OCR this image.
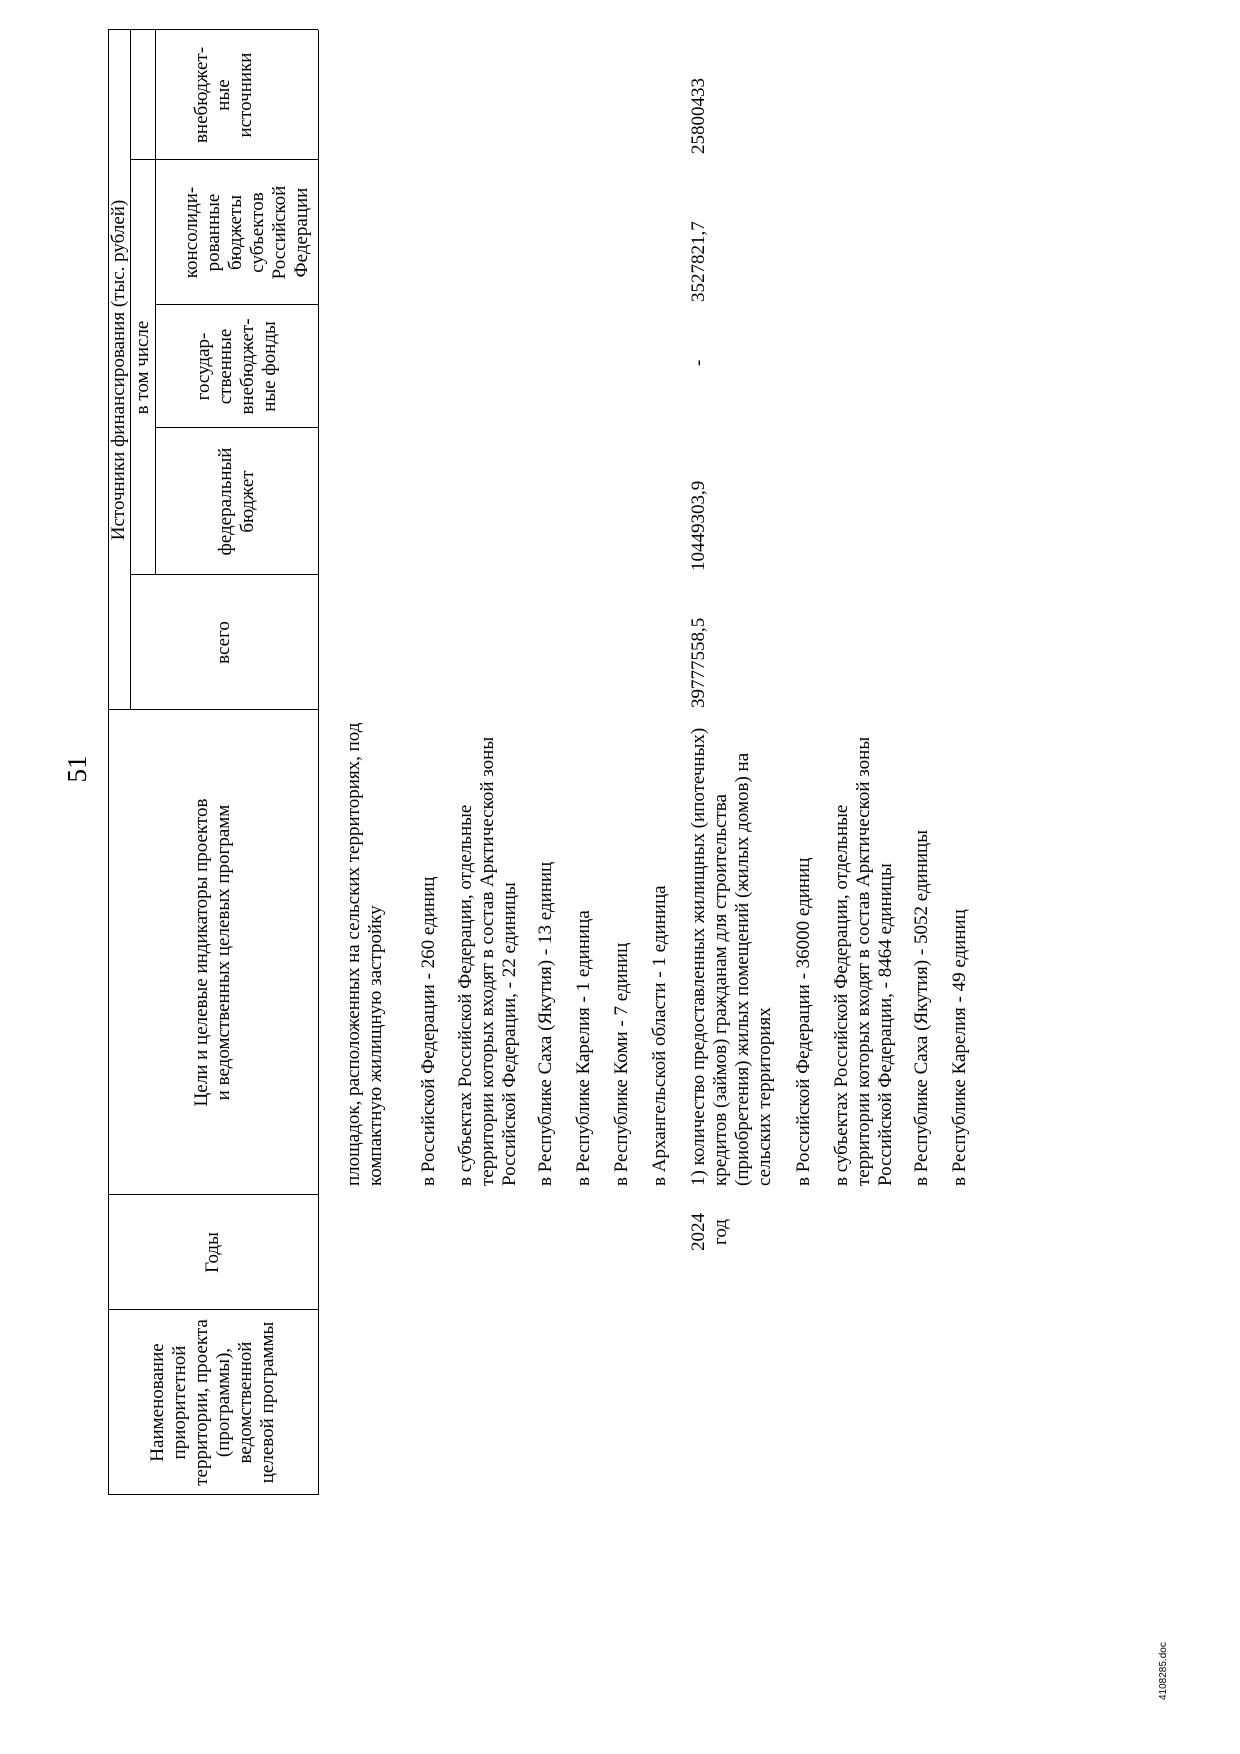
51
Наименование приоритетной территории, проекта (программы), ведомственной целевой программы
Годы
Цели и целевые индикаторы проектов и ведомственных целевых программ
Источники финансирования (тыс. рублей) в том числе
всего
федеральный бюджет
государ- ственные внебюджет- ные фонды
консолиди- рованные бюджеты субъектов Российской Федерации
внебюджет- ные источники
площадок, расположенных на сельских территориях, под компактную жилищную застройку в Российской Федерации - 260 единиц в субъектах Российской Федерации, отдельные территории которых входят в состав Арктической зоны Российской Федерации, - 22 единицы в Республике Саха (Якутия) - 13 единиц в Республике Карелия - 1 единица в Республике Коми - 7 единиц в Архангельской области - 1 единица
2024 год
1) количество предоставленных жилищных (ипотечных) кредитов (займов) гражданам для строительства (приобретения) жилых помещений (жилых домов) на сельских территориях в Российской Федерации - 36000 единиц в субъектах Российской Федерации, отдельные территории которых входят в состав Арктической зоны Российской Федерации, - 8464 единицы в Республике Саха (Якутия) - 5052 единицы в Республике Карелия - 49 единиц
39777558,5
10449303,9
-
3527821,7
25800433
4108285.doc
